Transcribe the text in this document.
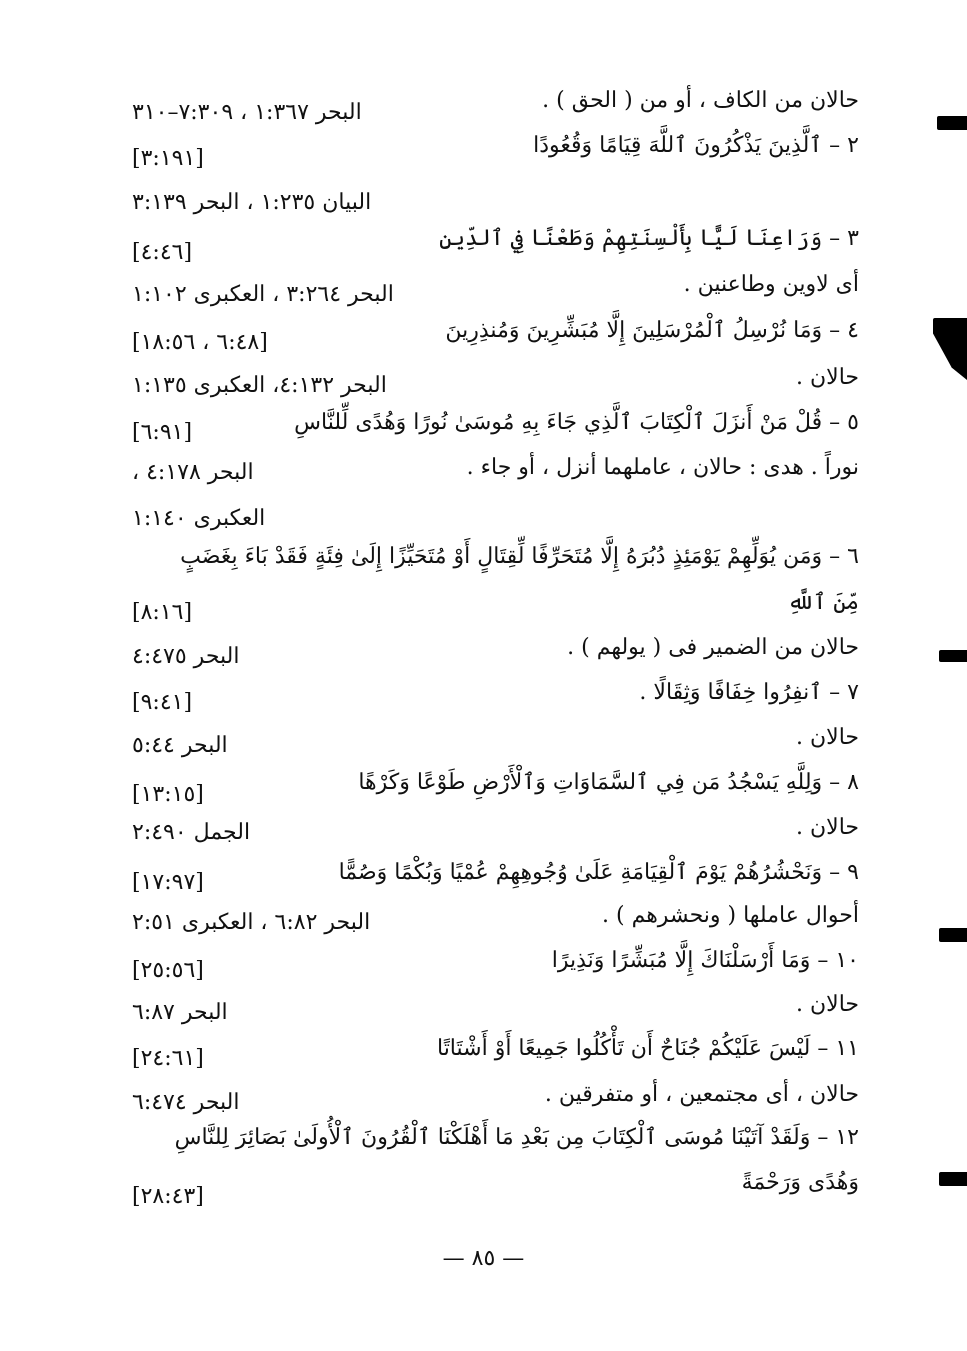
حالان من الكاف ، أو من ( الحق ) .
البحر ١:٣٦٧ ، ٧:٣٠٩–٣١٠
٢ – ٱلَّذِينَ يَذْكُرُونَ ٱللَّهَ قِيَامًا وَقُعُودًا
[٣:١٩١]
البيان ١:٢٣٥ ، البحر ٣:١٣٩
٣ – وَرَاعِنَا لَيًّا بِأَلْسِنَتِهِمْ وَطَعْنًا فِي ٱلدِّينِ
[٤:٤٦]
أى لاوين وطاعنين .
البحر ٣:٢٦٤ ، العكبرى ١:١٠٢
٤ – وَمَا نُرْسِلُ ٱلْمُرْسَلِينَ إِلَّا مُبَشِّرِينَ وَمُنذِرِينَ
[٦:٤٨ ، ١٨:٥٦]
حالان .
البحر ٤:١٣٢، العكبرى ١:١٣٥
٥ – قُلْ مَنْ أَنزَلَ ٱلْكِتَابَ ٱلَّذِي جَاءَ بِهِ مُوسَىٰ نُورًا وَهُدًى لِّلنَّاسِ
[٦:٩١]
نوراً . هدى : حالان ، عاملهما أنزل ، أو جاء .
البحر ٤:١٧٨ ،
العكبرى ١:١٤٠
٦ – وَمَن يُوَلِّهِمْ يَوْمَئِذٍ دُبُرَهُ إِلَّا مُتَحَرِّفًا لِّقِتَالٍ أَوْ مُتَحَيِّزًا إِلَىٰ فِئَةٍ فَقَدْ بَاءَ بِغَضَبٍ
مِّنَ ٱللَّهِ
[٨:١٦]
حالان من الضمير فى ( يولهم ) .
البحر ٤:٤٧٥
٧ – ٱنفِرُوا خِفَافًا وَثِقَالًا .
[٩:٤١]
حالان .
البحر ٥:٤٤
٨ – وَلِلَّهِ يَسْجُدُ مَن فِي ٱلسَّمَاوَاتِ وَٱلْأَرْضِ طَوْعًا وَكَرْهًا
[١٣:١٥]
حالان .
الجمل ٢:٤٩٠
٩ – وَنَحْشُرُهُمْ يَوْمَ ٱلْقِيَامَةِ عَلَىٰ وُجُوهِهِمْ عُمْيًا وَبُكْمًا وَصُمًّا
[١٧:٩٧]
أحوال عاملها ( ونحشرهم ) .
البحر ٦:٨٢ ، العكبرى ٢:٥١
١٠ – وَمَا أَرْسَلْنَاكَ إِلَّا مُبَشِّرًا وَنَذِيرًا
[٢٥:٥٦]
حالان .
البحر ٦:٨٧
١١ – لَيْسَ عَلَيْكُمْ جُنَاحٌ أَن تَأْكُلُوا جَمِيعًا أَوْ أَشْتَاتًا
[٢٤:٦١]
حالان ، أى مجتمعين ، أو متفرقين .
البحر ٦:٤٧٤
١٢ – وَلَقَدْ آتَيْنَا مُوسَى ٱلْكِتَابَ مِن بَعْدِ مَا أَهْلَكْنَا ٱلْقُرُونَ ٱلْأُولَىٰ بَصَائِرَ لِلنَّاسِ
وَهُدًى وَرَحْمَةً
[٢٨:٤٣]
— ٨٥ —
